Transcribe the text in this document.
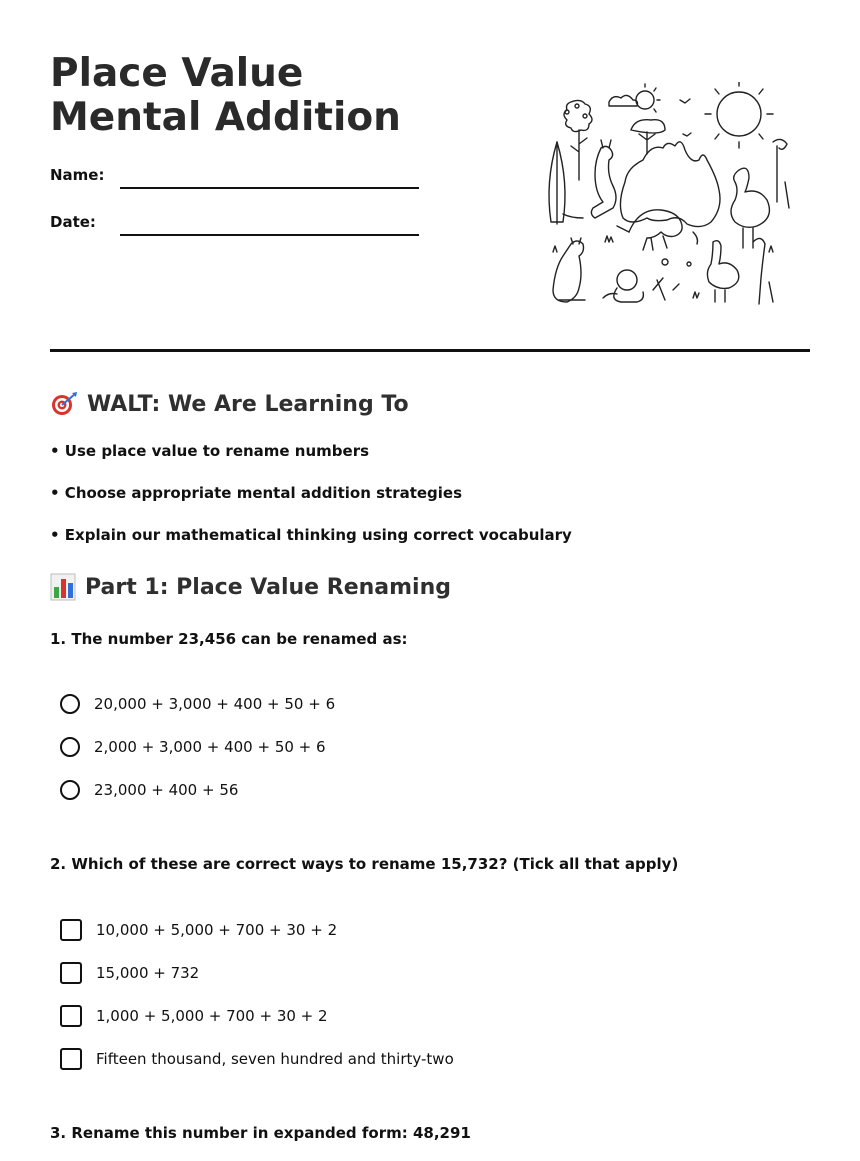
Place Value Mental Addition
Name:
Date:
WALT: We Are Learning To
• Use place value to rename numbers
• Choose appropriate mental addition strategies
• Explain our mathematical thinking using correct vocabulary
Part 1: Place Value Renaming
1. The number 23,456 can be renamed as:
20,000 + 3,000 + 400 + 50 + 6
2,000 + 3,000 + 400 + 50 + 6
23,000 + 400 + 56
2. Which of these are correct ways to rename 15,732? (Tick all that apply)
10,000 + 5,000 + 700 + 30 + 2
15,000 + 732
1,000 + 5,000 + 700 + 30 + 2
Fifteen thousand, seven hundred and thirty-two
3. Rename this number in expanded form: 48,291
